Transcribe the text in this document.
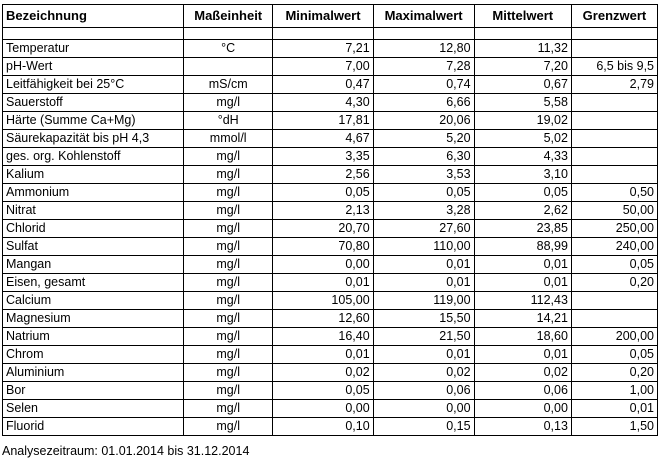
Bezeichnung	Maßeinheit	Minimalwert	Maximalwert	Mittelwert	Grenzwert

Temperatur	°C	7,21	12,80	11,32	
pH-Wert		7,00	7,28	7,20	6,5 bis 9,5
Leitfähigkeit bei 25°C	mS/cm	0,47	0,74	0,67	2,79
Sauerstoff	mg/l	4,30	6,66	5,58	
Härte (Summe Ca+Mg)	°dH	17,81	20,06	19,02	
Säurekapazität bis pH 4,3	mmol/l	4,67	5,20	5,02	
ges. org. Kohlenstoff	mg/l	3,35	6,30	4,33	
Kalium	mg/l	2,56	3,53	3,10	
Ammonium	mg/l	0,05	0,05	0,05	0,50
Nitrat	mg/l	2,13	3,28	2,62	50,00
Chlorid	mg/l	20,70	27,60	23,85	250,00
Sulfat	mg/l	70,80	110,00	88,99	240,00
Mangan	mg/l	0,00	0,01	0,01	0,05
Eisen, gesamt	mg/l	0,01	0,01	0,01	0,20
Calcium	mg/l	105,00	119,00	112,43	
Magnesium	mg/l	12,60	15,50	14,21	
Natrium	mg/l	16,40	21,50	18,60	200,00
Chrom	mg/l	0,01	0,01	0,01	0,05
Aluminium	mg/l	0,02	0,02	0,02	0,20
Bor	mg/l	0,05	0,06	0,06	1,00
Selen	mg/l	0,00	0,00	0,00	0,01
Fluorid	mg/l	0,10	0,15	0,13	1,50
Analysezeitraum: 01.01.2014 bis 31.12.2014
